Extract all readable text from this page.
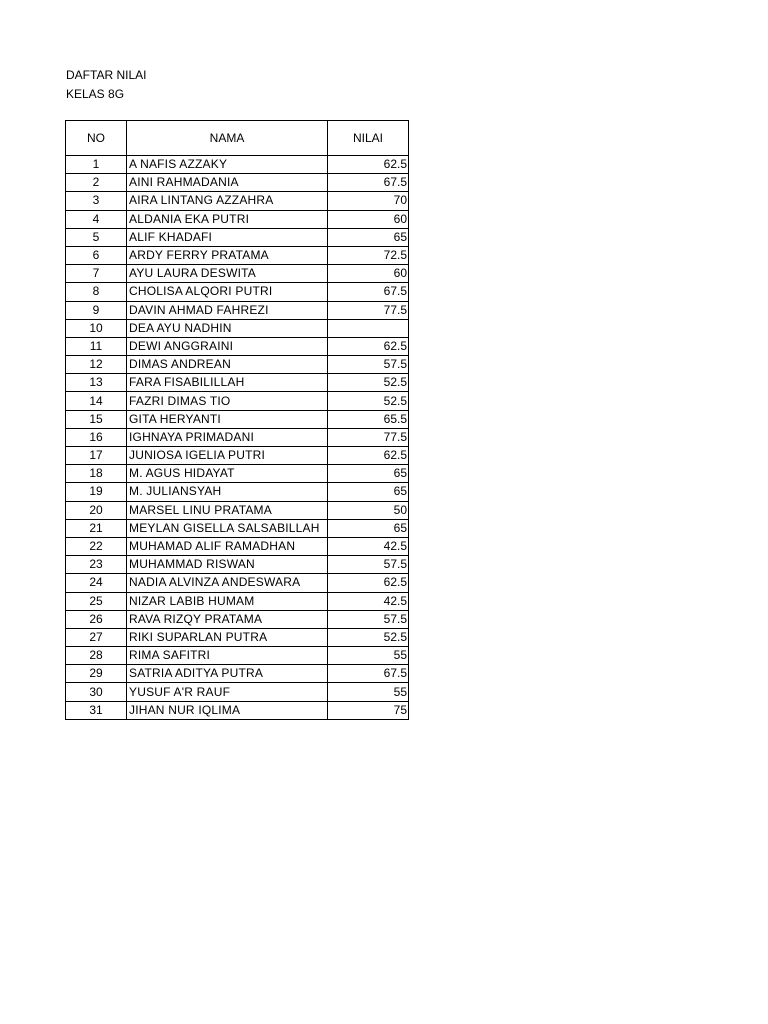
DAFTAR NILAI
KELAS 8G
NO	NAMA	NILAI
1	A NAFIS AZZAKY	62.5
2	AINI RAHMADANIA	67.5
3	AIRA LINTANG AZZAHRA	70
4	ALDANIA EKA PUTRI	60
5	ALIF KHADAFI	65
6	ARDY FERRY PRATAMA	72.5
7	AYU LAURA DESWITA	60
8	CHOLISA ALQORI PUTRI	67.5
9	DAVIN AHMAD FAHREZI	77.5
10	DEA AYU NADHIN	
11	DEWI ANGGRAINI	62.5
12	DIMAS ANDREAN	57.5
13	FARA FISABILILLAH	52.5
14	FAZRI DIMAS TIO	52.5
15	GITA HERYANTI	65.5
16	IGHNAYA PRIMADANI	77.5
17	JUNIOSA IGELIA PUTRI	62.5
18	M. AGUS HIDAYAT	65
19	M. JULIANSYAH	65
20	MARSEL LINU PRATAMA	50
21	MEYLAN GISELLA SALSABILLAH	65
22	MUHAMAD ALIF RAMADHAN	42.5
23	MUHAMMAD RISWAN	57.5
24	NADIA ALVINZA ANDESWARA	62.5
25	NIZAR LABIB HUMAM	42.5
26	RAVA RIZQY PRATAMA	57.5
27	RIKI SUPARLAN PUTRA	52.5
28	RIMA SAFITRI	55
29	SATRIA ADITYA PUTRA	67.5
30	YUSUF A'R RAUF	55
31	JIHAN NUR IQLIMA	75
